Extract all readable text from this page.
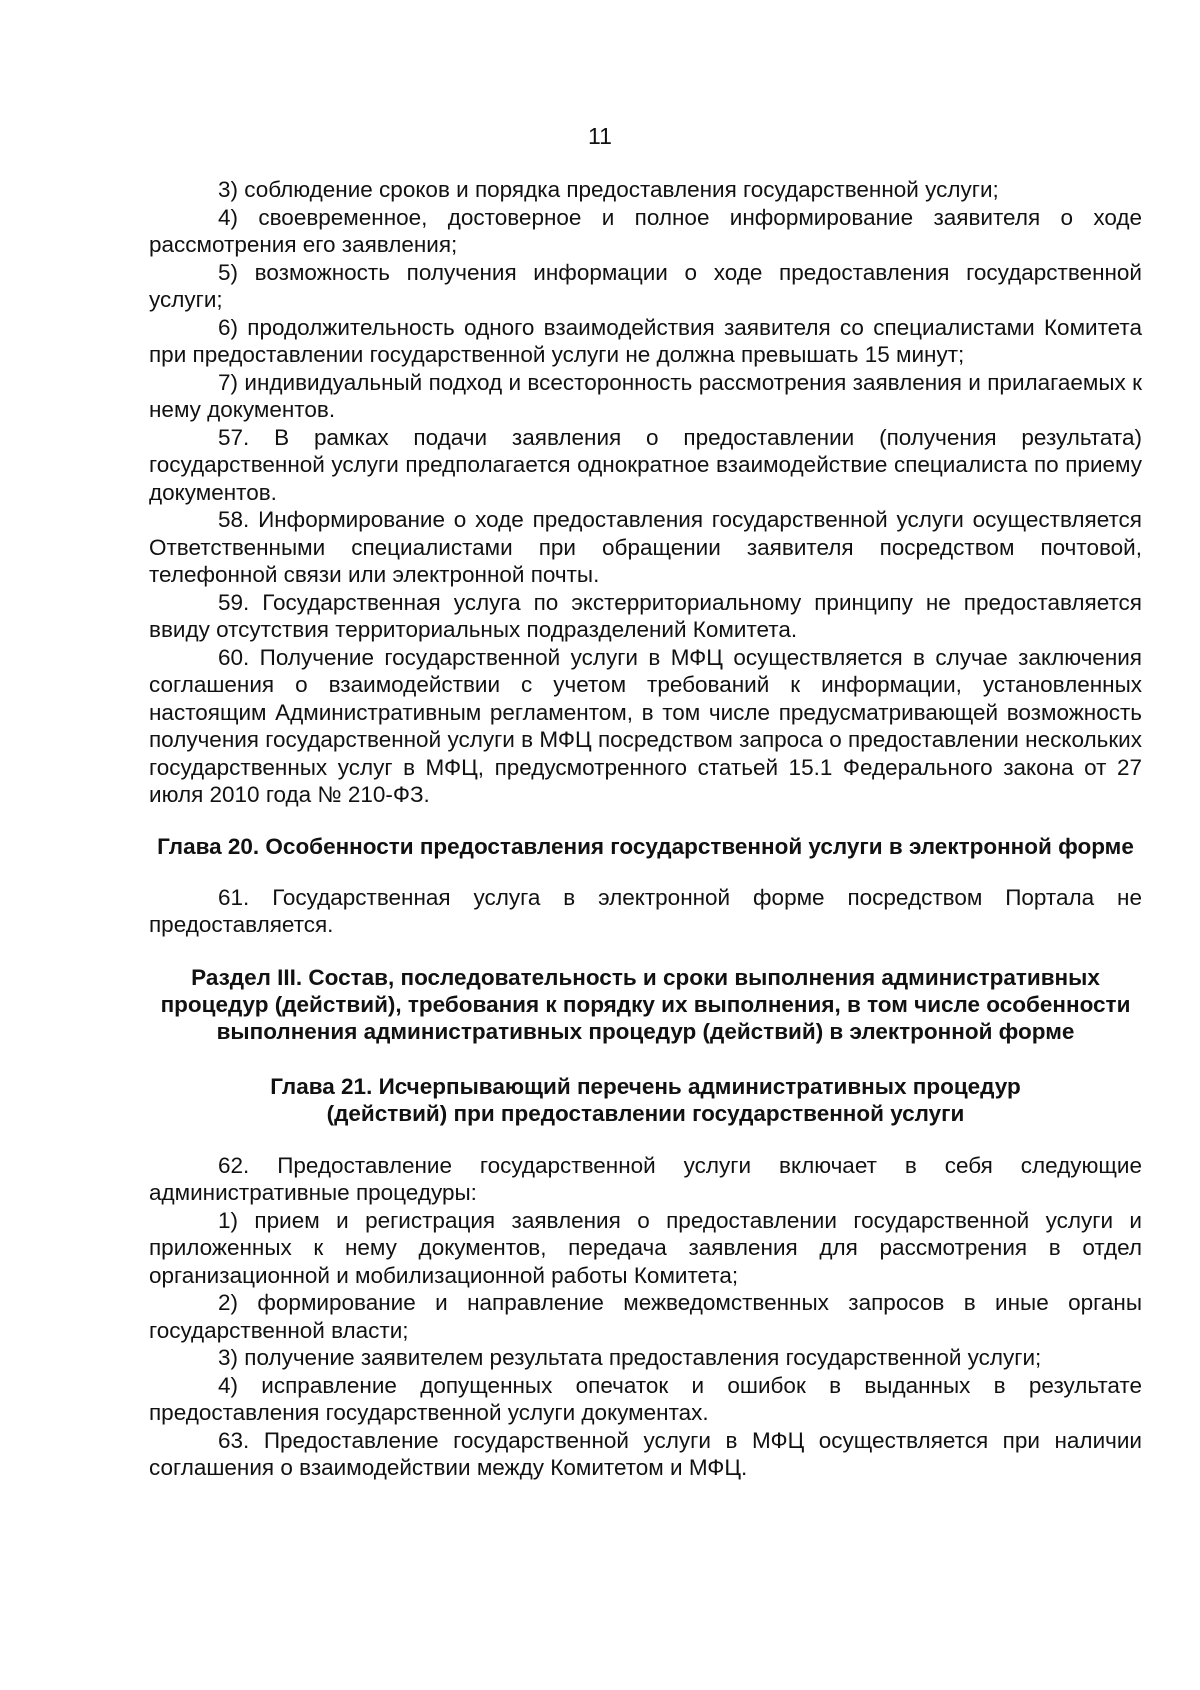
11

3) соблюдение сроков и порядка предоставления государственной услуги;

4) своевременное, достоверное и полное информирование заявителя о ходе рассмотрения его заявления;

5) возможность получения информации о ходе предоставления государственной услуги;

6) продолжительность одного взаимодействия заявителя со специалистами Комитета при предоставлении государственной услуги не должна превышать 15 минут;

7) индивидуальный подход и всесторонность рассмотрения заявления и прилагаемых к нему документов.

57. В рамках подачи заявления о предоставлении (получения результата) государственной услуги предполагается однократное взаимодействие специалиста по приему документов.

58. Информирование о ходе предоставления государственной услуги осуществляется Ответственными специалистами при обращении заявителя посредством почтовой, телефонной связи или электронной почты.

59. Государственная услуга по экстерриториальному принципу не предоставляется ввиду отсутствия территориальных подразделений Комитета.

60. Получение государственной услуги в МФЦ осуществляется в случае заключения соглашения о взаимодействии с учетом требований к информации, установленных настоящим Административным регламентом, в том числе предусматривающей возможность получения государственной услуги в МФЦ посредством запроса о предоставлении нескольких государственных услуг в МФЦ, предусмотренного статьей 15.1 Федерального закона от 27 июля 2010 года № 210-ФЗ.

Глава 20. Особенности предоставления государственной услуги в электронной форме

61. Государственная услуга в электронной форме посредством Портала не предоставляется.

Раздел III. Состав, последовательность и сроки выполнения административных процедур (действий), требования к порядку их выполнения, в том числе особенности выполнения административных процедур (действий) в электронной форме
Глава 21. Исчерпывающий перечень административных процедур (действий) при предоставлении государственной услуги

62. Предоставление государственной услуги включает в себя следующие административные процедуры:

1) прием и регистрация заявления о предоставлении государственной услуги и приложенных к нему документов, передача заявления для рассмотрения в отдел организационной и мобилизационной работы Комитета;

2) формирование и направление межведомственных запросов в иные органы государственной власти;

3) получение заявителем результата предоставления государственной услуги;

4) исправление допущенных опечаток и ошибок в выданных в результате предоставления государственной услуги документах.

63. Предоставление государственной услуги в МФЦ осуществляется при наличии соглашения о взаимодействии между Комитетом и МФЦ.
